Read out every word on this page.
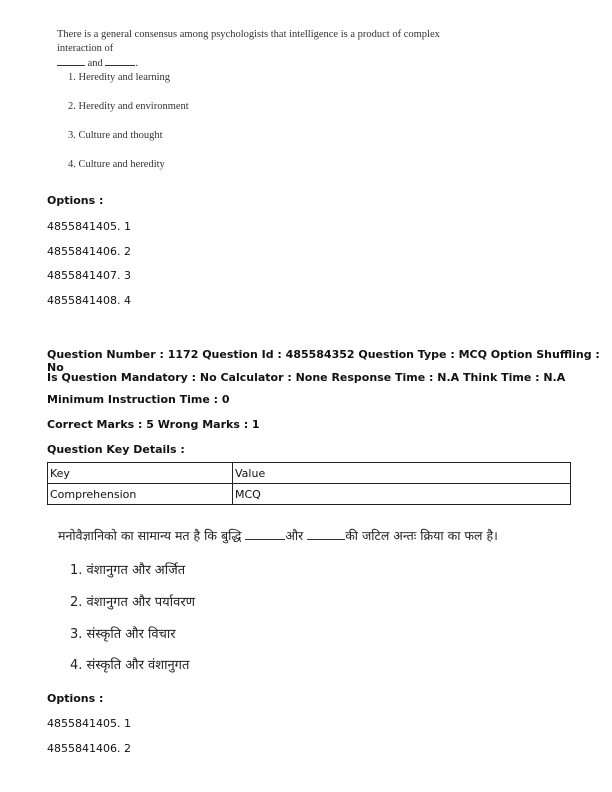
There is a general consensus among psychologists that intelligence is a product of complex interaction of
and	.
1. Heredity and learning
2. Heredity and environment
3. Culture and thought
4. Culture and heredity
Options :
4855841405. 1
4855841406. 2
4855841407. 3
4855841408. 4
Question Number : 1172 Question Id : 485584352 Question Type : MCQ Option Shuffling : No
Is Question Mandatory : No Calculator : None Response Time : N.A Think Time : N.A
Minimum Instruction Time : 0
Correct Marks : 5 Wrong Marks : 1
Question Key Details :
Key	Value
Comprehension	MCQ
मनोवैज्ञानिको का सामान्य मत है कि बुद्धि	और	की जटिल अन्तः क्रिया का फल है।
1. वंशानुगत और अर्जित
2. वंशानुगत और पर्यावरण
3. संस्कृति और विचार
4. संस्कृति और वंशानुगत
Options :
4855841405. 1
4855841406. 2
